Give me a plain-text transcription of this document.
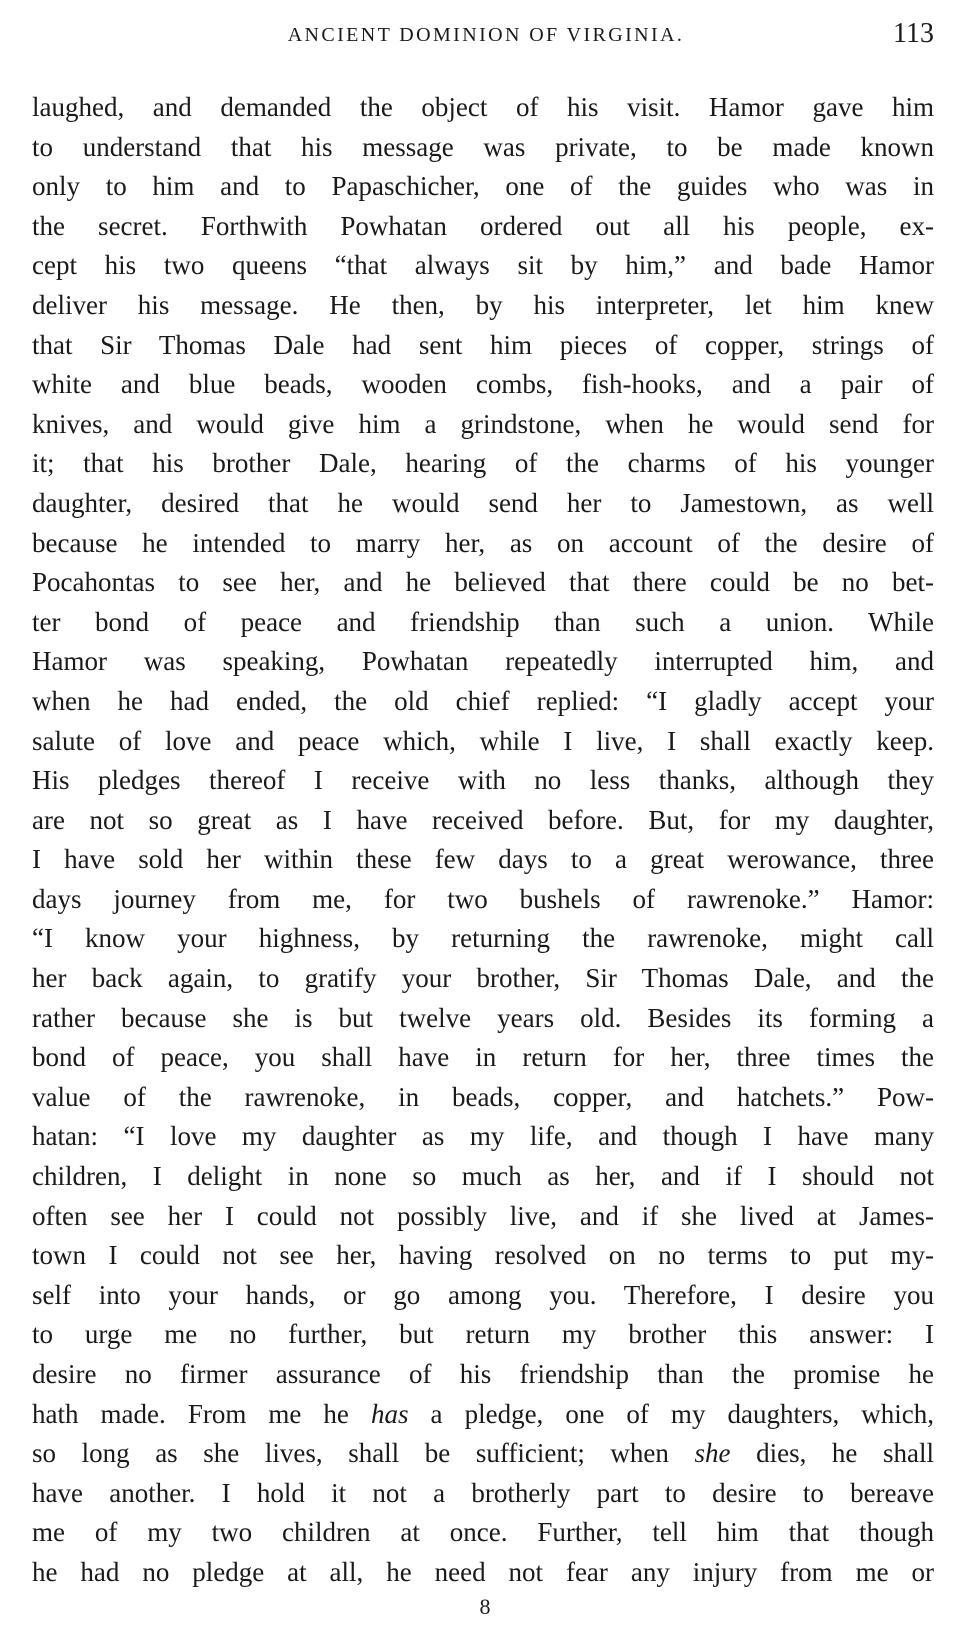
ANCIENT DOMINION OF VIRGINIA.	113
laughed, and demanded the object of his visit. Hamor gave him
to understand that his message was private, to be made known
only to him and to Papaschicher, one of the guides who was in
the secret. Forthwith Powhatan ordered out all his people, ex-
cept his two queens “that always sit by him,” and bade Hamor
deliver his message. He then, by his interpreter, let him knew
that Sir Thomas Dale had sent him pieces of copper, strings of
white and blue beads, wooden combs, fish-hooks, and a pair of
knives, and would give him a grindstone, when he would send for
it; that his brother Dale, hearing of the charms of his younger
daughter, desired that he would send her to Jamestown, as well
because he intended to marry her, as on account of the desire of
Pocahontas to see her, and he believed that there could be no bet-
ter bond of peace and friendship than such a union. While
Hamor was speaking, Powhatan repeatedly interrupted him, and
when he had ended, the old chief replied: “I gladly accept your
salute of love and peace which, while I live, I shall exactly keep.
His pledges thereof I receive with no less thanks, although they
are not so great as I have received before. But, for my daughter,
I have sold her within these few days to a great werowance, three
days journey from me, for two bushels of rawrenoke.” Hamor:
“I know your highness, by returning the rawrenoke, might call
her back again, to gratify your brother, Sir Thomas Dale, and the
rather because she is but twelve years old. Besides its forming a
bond of peace, you shall have in return for her, three times the
value of the rawrenoke, in beads, copper, and hatchets.” Pow-
hatan: “I love my daughter as my life, and though I have many
children, I delight in none so much as her, and if I should not
often see her I could not possibly live, and if she lived at James-
town I could not see her, having resolved on no terms to put my-
self into your hands, or go among you. Therefore, I desire you
to urge me no further, but return my brother this answer: I
desire no firmer assurance of his friendship than the promise he
hath made. From me he has a pledge, one of my daughters, which,
so long as she lives, shall be sufficient; when she dies, he shall
have another. I hold it not a brotherly part to desire to bereave
me of my two children at once. Further, tell him that though
he had no pledge at all, he need not fear any injury from me or
8
